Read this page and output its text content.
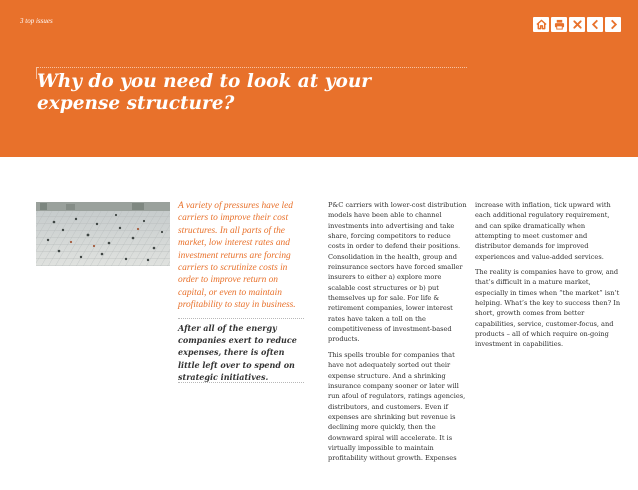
3 top issues
Why do you need to look at your expense structure?

A variety of pressures have led carriers to improve their cost structures. In all parts of the market, low interest rates and investment returns are forcing carriers to scrutinize costs in order to improve return on capital, or even to maintain profitability to stay in business.

After all of the energy companies exert to reduce expenses, there is often little left over to spend on strategic initiatives.

P&C carriers with lower-cost distribution models have been able to channel investments into advertising and take share, forcing competitors to reduce costs in order to defend their positions. Consolidation in the health, group and reinsurance sectors have forced smaller insurers to either a) explore more scalable cost structures or b) put themselves up for sale. For life & retirement companies, lower interest rates have taken a toll on the competitiveness of investment-based products.

This spells trouble for companies that have not adequately sorted out their expense structure. And a shrinking insurance company sooner or later will run afoul of regulators, ratings agencies, distributors, and customers. Even if expenses are shrinking but revenue is declining more quickly, then the downward spiral will accelerate. It is virtually impossible to maintain profitability without growth. Expenses

increase with inflation, tick upward with each additional regulatory requirement, and can spike dramatically when attempting to meet customer and distributor demands for improved experiences and value-added services.

The reality is companies have to grow, and that’s difficult in a mature market, especially in times when “the market” isn’t helping. What’s the key to success then? In short, growth comes from better capabilities, service, customer-focus, and products – all of which require on-going investment in capabilities.
